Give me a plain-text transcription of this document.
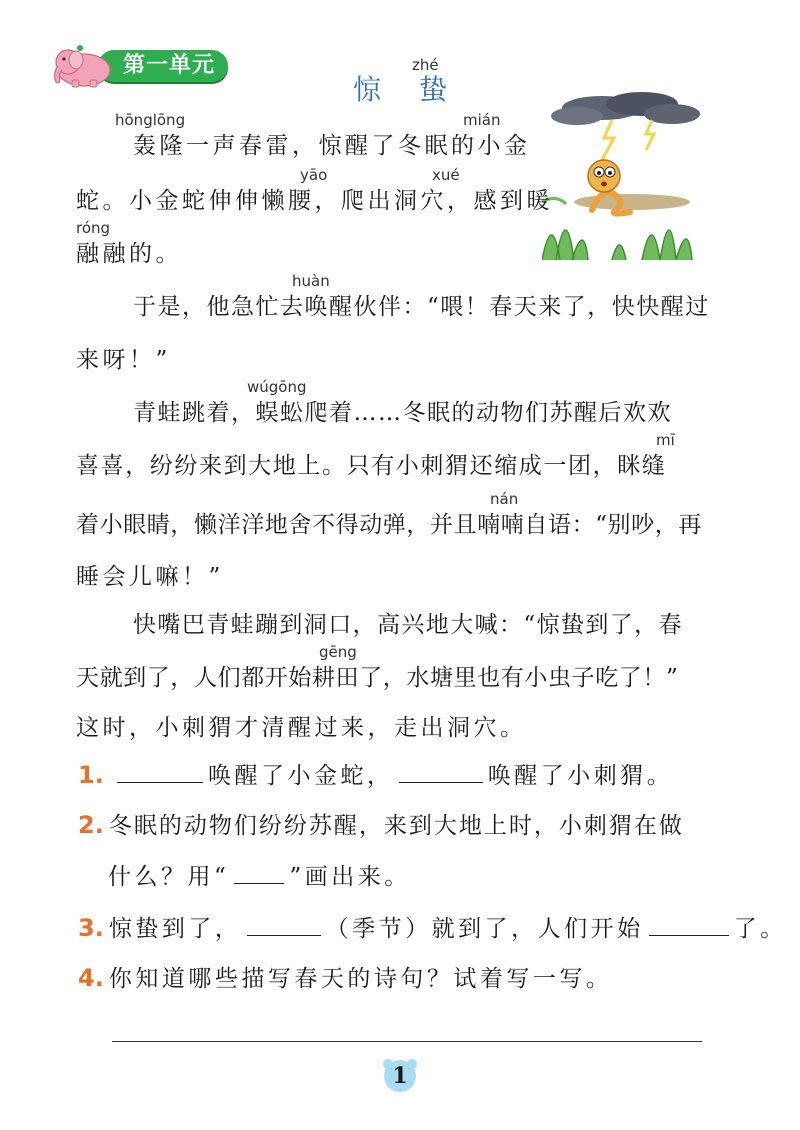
第一单元	zhé
惊蛰
hōnglōng	mián
轰隆一声春雷，惊醒了冬眠的小金
yāo	xué
蛇。小金蛇伸伸懒腰，爬出洞穴，感到暖
róng
融融的。
huàn
于是，他急忙去唤醒伙伴：“喂！春天来了，快快醒过
来呀！”
wúgōng
青蛙跳着，蜈蚣爬着……冬眠的动物们苏醒后欢欢
mī
喜喜，纷纷来到大地上。只有小刺猬还缩成一团，眯缝
nán
着小眼睛，懒洋洋地舍不得动弹，并且喃喃自语：“别吵，再
睡会儿嘛！”
快嘴巴青蛙蹦到洞口，高兴地大喊：“惊蛰到了，春
gēng
天就到了，人们都开始耕田了，水塘里也有小虫子吃了！”
这时，小刺猬才清醒过来，走出洞穴。
1.	唤醒了小金蛇，	唤醒了小刺猬。
2. 冬眠的动物们纷纷苏醒，来到大地上时，小刺猬在做
什么？用“	”画出来。
3. 惊蛰到了，	（季节）就到了，人们开始	了。
4. 你知道哪些描写春天的诗句？试着写一写。
1
